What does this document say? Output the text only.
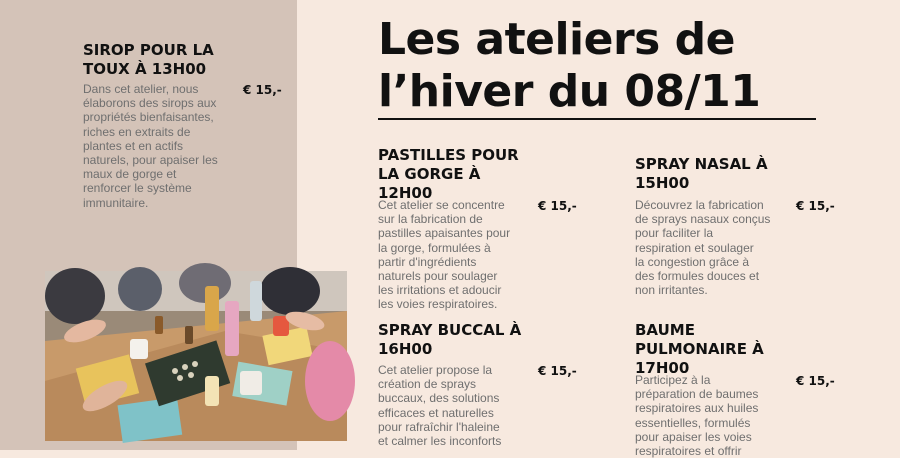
Les ateliers de
l’hiver du 08/11
SIROP POUR LA
TOUX À 13H00
€ 15,-
Dans cet atelier, nous
élaborons des sirops aux
propriétés bienfaisantes,
riches en extraits de
plantes et en actifs
naturels, pour apaiser les
maux de gorge et
renforcer le système
immunitaire.
PASTILLES POUR
LA GORGE À
12H00
€ 15,-
Cet atelier se concentre
sur la fabrication de
pastilles apaisantes pour
la gorge, formulées à
partir d'ingrédients
naturels pour soulager
les irritations et adoucir
les voies respiratoires.
SPRAY NASAL À
15H00
€ 15,-
Découvrez la fabrication
de sprays nasaux conçus
pour faciliter la
respiration et soulager
la congestion grâce à
des formules douces et
non irritantes.
SPRAY BUCCAL À
16H00
€ 15,-
Cet atelier propose la
création de sprays
buccaux, des solutions
efficaces et naturelles
pour rafraîchir l'haleine
et calmer les inconforts
BAUME
PULMONAIRE À
17H00
€ 15,-
Participez à la
préparation de baumes
respiratoires aux huiles
essentielles, formulés
pour apaiser les voies
respiratoires et offrir
